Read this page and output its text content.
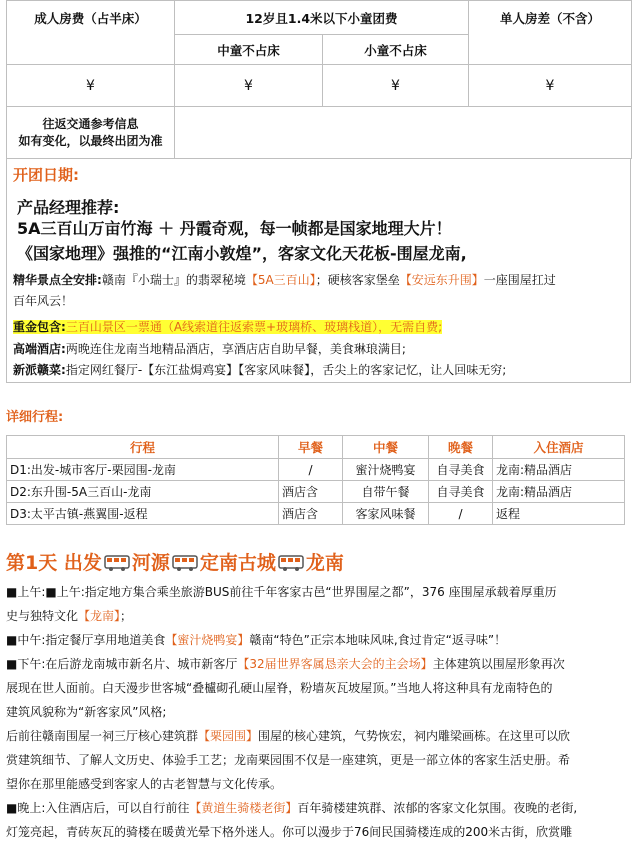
成人房费（占半床）	12岁且1.4米以下小童团费		单人房差（不含）
	中童不占床	小童不占床	
¥	¥	¥	¥

往返交通参考信息
如有变化，以最终出团为准			

开团日期:
产品经理推荐:
5A三百山万亩竹海 ＋ 丹霞奇观，每一帧都是国家地理大片！
《国家地理》强推的“江南小敦煌”，客家文化天花板-围屋龙南,
精华景点全安排:赣南『小瑞士』的翡翠秘境【5A三百山】；硬核客家堡垒【安远东升围】一座围屋扛过
百年风云！
重金包含:三百山景区一票通（A线索道往返索票+玻璃桥、玻璃栈道），无需自费;
高端酒店:两晚连住龙南当地精品酒店，享酒店店自助早餐，美食琳琅满目;
新派赣菜:指定网红餐厅-【东江盐焗鸡宴】【客家风味餐】，舌尖上的客家记忆，让人回味无穷;
详细行程:
行程	早餐	中餐	晚餐	入住酒店
D1:出发-城市客厅-栗园围-龙南	/	蜜汁烧鸭宴	自寻美食	龙南:精品酒店
D2:东升围-5A三百山-龙南	酒店含	自带午餐	自寻美食	龙南:精品酒店
D3:太平古镇-燕翼围-返程	酒店含	客家风味餐	/	返程
第1天 出发 河源 定南古城 龙南

■上午:■上午:指定地方集合乘坐旅游BUS前往千年客家古邑“世界围屋之都”，376 座围屋承载着厚重历
史与独特文化【龙南】；

■中午:指定餐厅享用地道美食【蜜汁烧鸭宴】赣南“特色”正宗本地味风味,食过肯定“返寻味”！

■下午:在后游龙南城市新名片、城市新客厅【32届世界客属恳亲大会的主会场】主体建筑以围屋形象再次
展现在世人面前。白天漫步世客城“叠櫨砌孔硬山屋脊，粉墙灰瓦坡屋顶。”当地人将这种具有龙南特色的
建筑风貌称为“新客家风”风格;

后前往赣南围屋一祠三厅核心建筑群【栗园围】围屋的核心建筑，气势恢宏，祠内雕梁画栋。在这里可以欣
赏建筑细节、了解人文历史、体验手工艺；龙南栗园围不仅是一座建筑，更是一部立体的客家生活史册。希
望你在那里能感受到客家人的古老智慧与文化传承。

■晚上:入住酒店后，可以自行前往【黄道生骑楼老街】百年骑楼建筑群、浓郁的客家文化氛围。夜晚的老街,
灯笼亮起，青砖灰瓦的骑楼在暖黄光晕下格外迷人。你可以漫步于76间民国骑楼连成的200米古街，欣赏雕
